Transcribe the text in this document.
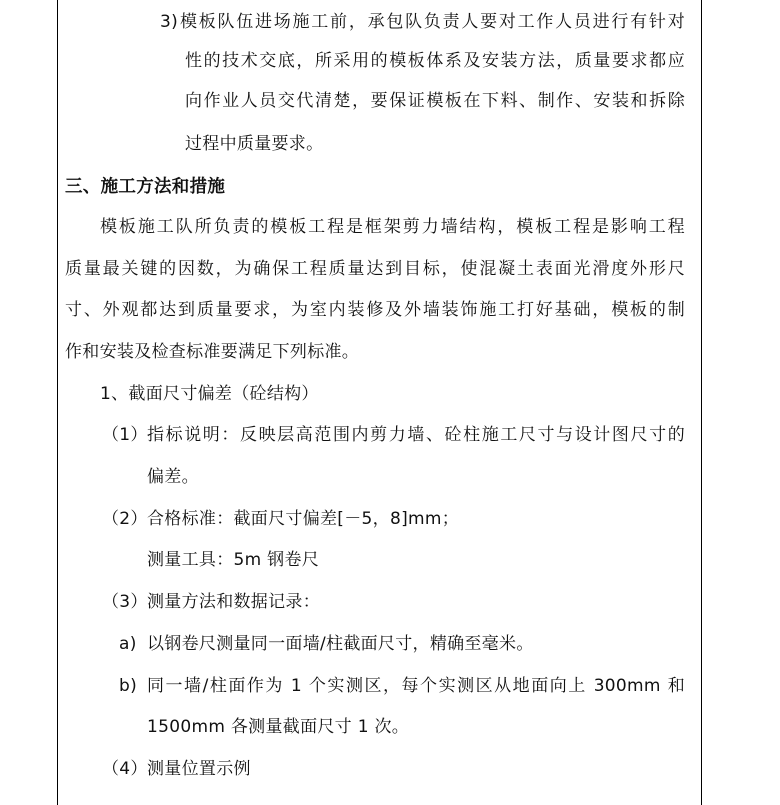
3) 模板队伍进场施工前，承包队负责人要对工作人员进行有针对
性的技术交底，所采用的模板体系及安装方法，质量要求都应
向作业人员交代清楚，要保证模板在下料、制作、安装和拆除
过程中质量要求。
三、施工方法和措施
模板施工队所负责的模板工程是框架剪力墙结构，模板工程是影响工程
质量最关键的因数，为确保工程质量达到目标，使混凝土表面光滑度外形尺
寸、外观都达到质量要求，为室内装修及外墙装饰施工打好基础，模板的制
作和安装及检查标准要满足下列标准。
1、截面尺寸偏差（砼结构）
（1） 指标说明：反映层高范围内剪力墙、砼柱施工尺寸与设计图尺寸的
偏差。
（2） 合格标准：截面尺寸偏差[－5，8]mm；
测量工具：5m 钢卷尺
（3） 测量方法和数据记录：
a) 以钢卷尺测量同一面墙/柱截面尺寸，精确至毫米。
b) 同一墙/柱面作为 1 个实测区，每个实测区从地面向上 300mm 和
1500mm 各测量截面尺寸 1 次。
（4） 测量位置示例
